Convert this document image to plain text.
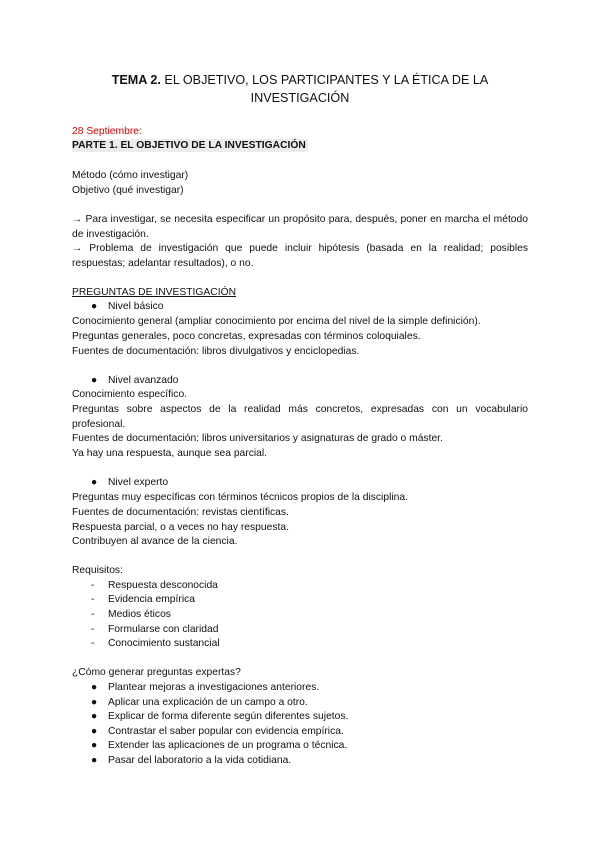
TEMA 2. EL OBJETIVO, LOS PARTICIPANTES Y LA ÉTICA DE LA
INVESTIGACIÓN
28 Septiembre:
PARTE 1. EL OBJETIVO DE LA INVESTIGACIÓN
Método (cómo investigar)
Objetivo (qué investigar)
→ Para investigar, se necesita especificar un propósito para, después, poner en marcha el método de investigación.
→ Problema de investigación que puede incluir hipótesis (basada en la realidad; posibles respuestas; adelantar resultados), o no.
PREGUNTAS DE INVESTIGACIÓN
● Nivel básico
Conocimiento general (ampliar conocimiento por encima del nivel de la simple definición).
Preguntas generales, poco concretas, expresadas con términos coloquiales.
Fuentes de documentación: libros divulgativos y enciclopedias.
● Nivel avanzado
Conocimiento específico.
Preguntas sobre aspectos de la realidad más concretos, expresadas con un vocabulario profesional.
Fuentes de documentación: libros universitarios y asignaturas de grado o máster.
Ya hay una respuesta, aunque sea parcial.
● Nivel experto
Preguntas muy específicas con términos técnicos propios de la disciplina.
Fuentes de documentación: revistas científicas.
Respuesta parcial, o a veces no hay respuesta.
Contribuyen al avance de la ciencia.
Requisitos:
- Respuesta desconocida
- Evidencia empírica
- Medios éticos
- Formularse con claridad
- Conocimiento sustancial
¿Cómo generar preguntas expertas?
● Plantear mejoras a investigaciones anteriores.
● Aplicar una explicación de un campo a otro.
● Explicar de forma diferente según diferentes sujetos.
● Contrastar el saber popular con evidencia empírica.
● Extender las aplicaciones de un programa o técnica.
● Pasar del laboratorio a la vida cotidiana.
